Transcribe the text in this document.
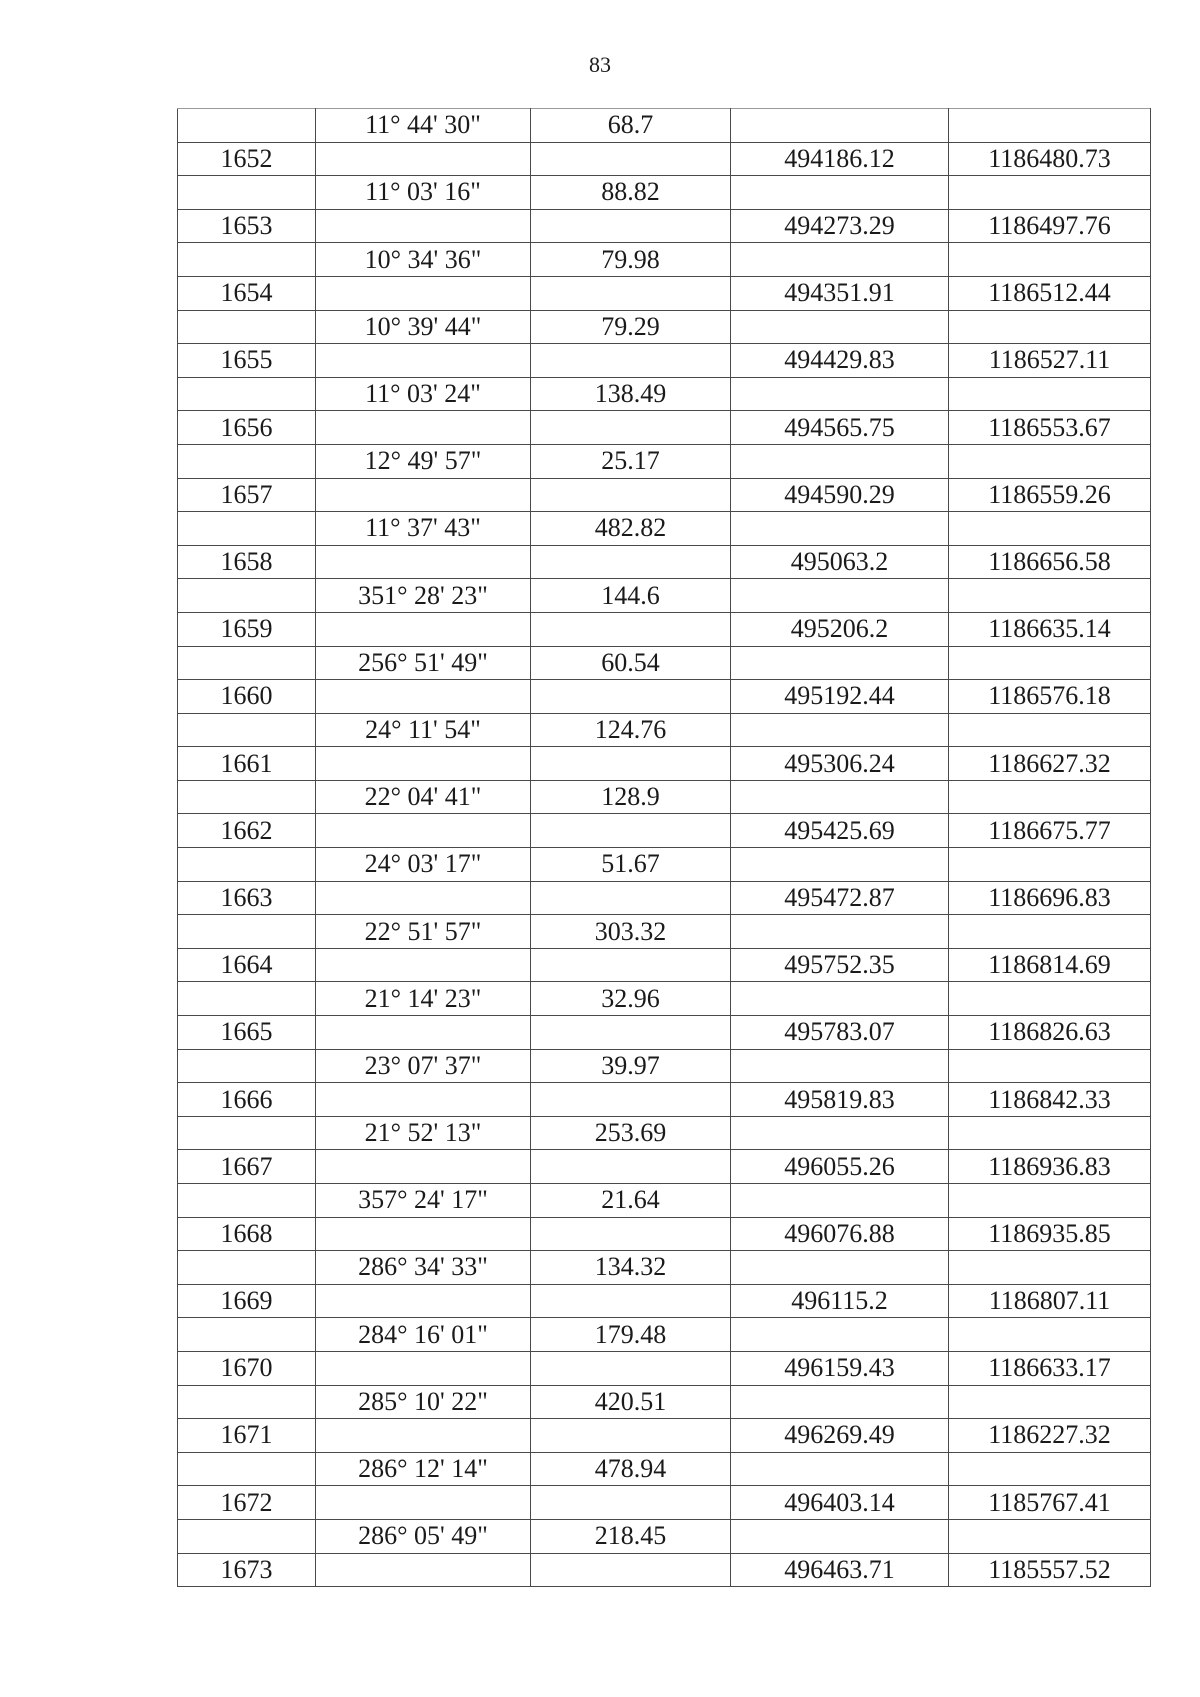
83
	11° 44' 30"	68.7		
1652			494186.12	1186480.73
	11° 03' 16"	88.82		
1653			494273.29	1186497.76
	10° 34' 36"	79.98		
1654			494351.91	1186512.44
	10° 39' 44"	79.29		
1655			494429.83	1186527.11
	11° 03' 24"	138.49		
1656			494565.75	1186553.67
	12° 49' 57"	25.17		
1657			494590.29	1186559.26
	11° 37' 43"	482.82		
1658			495063.2	1186656.58
	351° 28' 23"	144.6		
1659			495206.2	1186635.14
	256° 51' 49"	60.54		
1660			495192.44	1186576.18
	24° 11' 54"	124.76		
1661			495306.24	1186627.32
	22° 04' 41"	128.9		
1662			495425.69	1186675.77
	24° 03' 17"	51.67		
1663			495472.87	1186696.83
	22° 51' 57"	303.32		
1664			495752.35	1186814.69
	21° 14' 23"	32.96		
1665			495783.07	1186826.63
	23° 07' 37"	39.97		
1666			495819.83	1186842.33
	21° 52' 13"	253.69		
1667			496055.26	1186936.83
	357° 24' 17"	21.64		
1668			496076.88	1186935.85
	286° 34' 33"	134.32		
1669			496115.2	1186807.11
	284° 16' 01"	179.48		
1670			496159.43	1186633.17
	285° 10' 22"	420.51		
1671			496269.49	1186227.32
	286° 12' 14"	478.94		
1672			496403.14	1185767.41
	286° 05' 49"	218.45		
1673			496463.71	1185557.52
